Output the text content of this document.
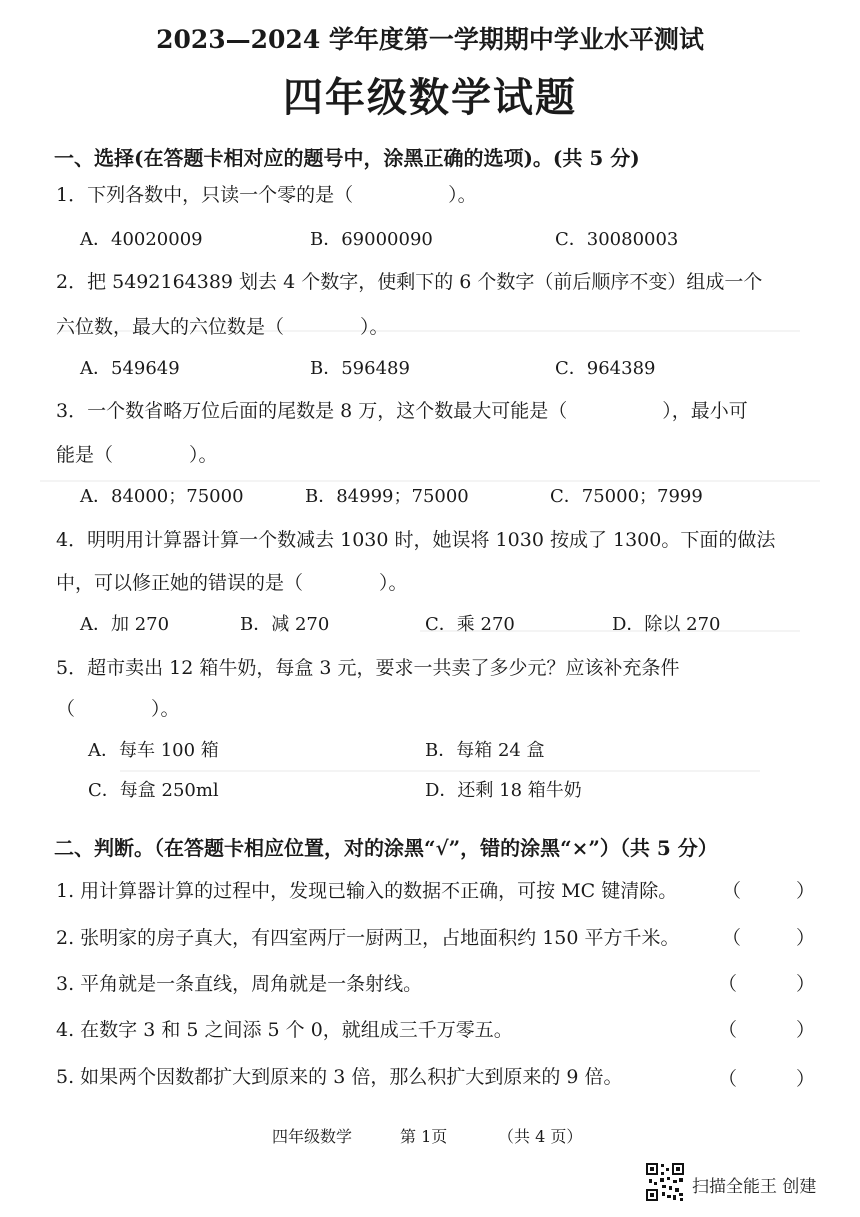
2023—2024 学年度第一学期期中学业水平测试
四年级数学试题
一、选择(在答题卡相对应的题号中，涂黑正确的选项)。(共 5 分)
1．下列各数中，只读一个零的是（　　　　　）。
A．40020009	B．69000090	C．30080003
2．把 5492164389 划去 4 个数字，使剩下的 6 个数字（前后顺序不变）组成一个
六位数，最大的六位数是（　　　　）。
A．549649	B．596489	C．964389
3．一个数省略万位后面的尾数是 8 万，这个数最大可能是（　　　　　），最小可
能是（　　　　）。
A．84000；75000	B．84999；75000	C．75000；7999
4．明明用计算器计算一个数减去 1030 时，她误将 1030 按成了 1300。下面的做法
中，可以修正她的错误的是（　　　　）。
A．加 270	B．减 270	C．乘 270	D．除以 270
5．超市卖出 12 箱牛奶，每盒 3 元，要求一共卖了多少元？应该补充条件
（　　　　）。
A．每车 100 箱	B．每箱 24 盒
C．每盒 250ml	D．还剩 18 箱牛奶
二、判断。（在答题卡相应位置，对的涂黑“√”，错的涂黑“×”）（共 5 分）
1. 用计算器计算的过程中，发现已输入的数据不正确，可按 MC 键清除。 （	）
2. 张明家的房子真大，有四室两厅一厨两卫，占地面积约 150 平方千米。 （	）
3. 平角就是一条直线，周角就是一条射线。	（	）
4. 在数字 3 和 5 之间添 5 个 0，就组成三千万零五。	（	）
5. 如果两个因数都扩大到原来的 3 倍，那么积扩大到原来的 9 倍。	（	）
四年级数学	第 1页	（共 4 页）
扫描全能王 创建
